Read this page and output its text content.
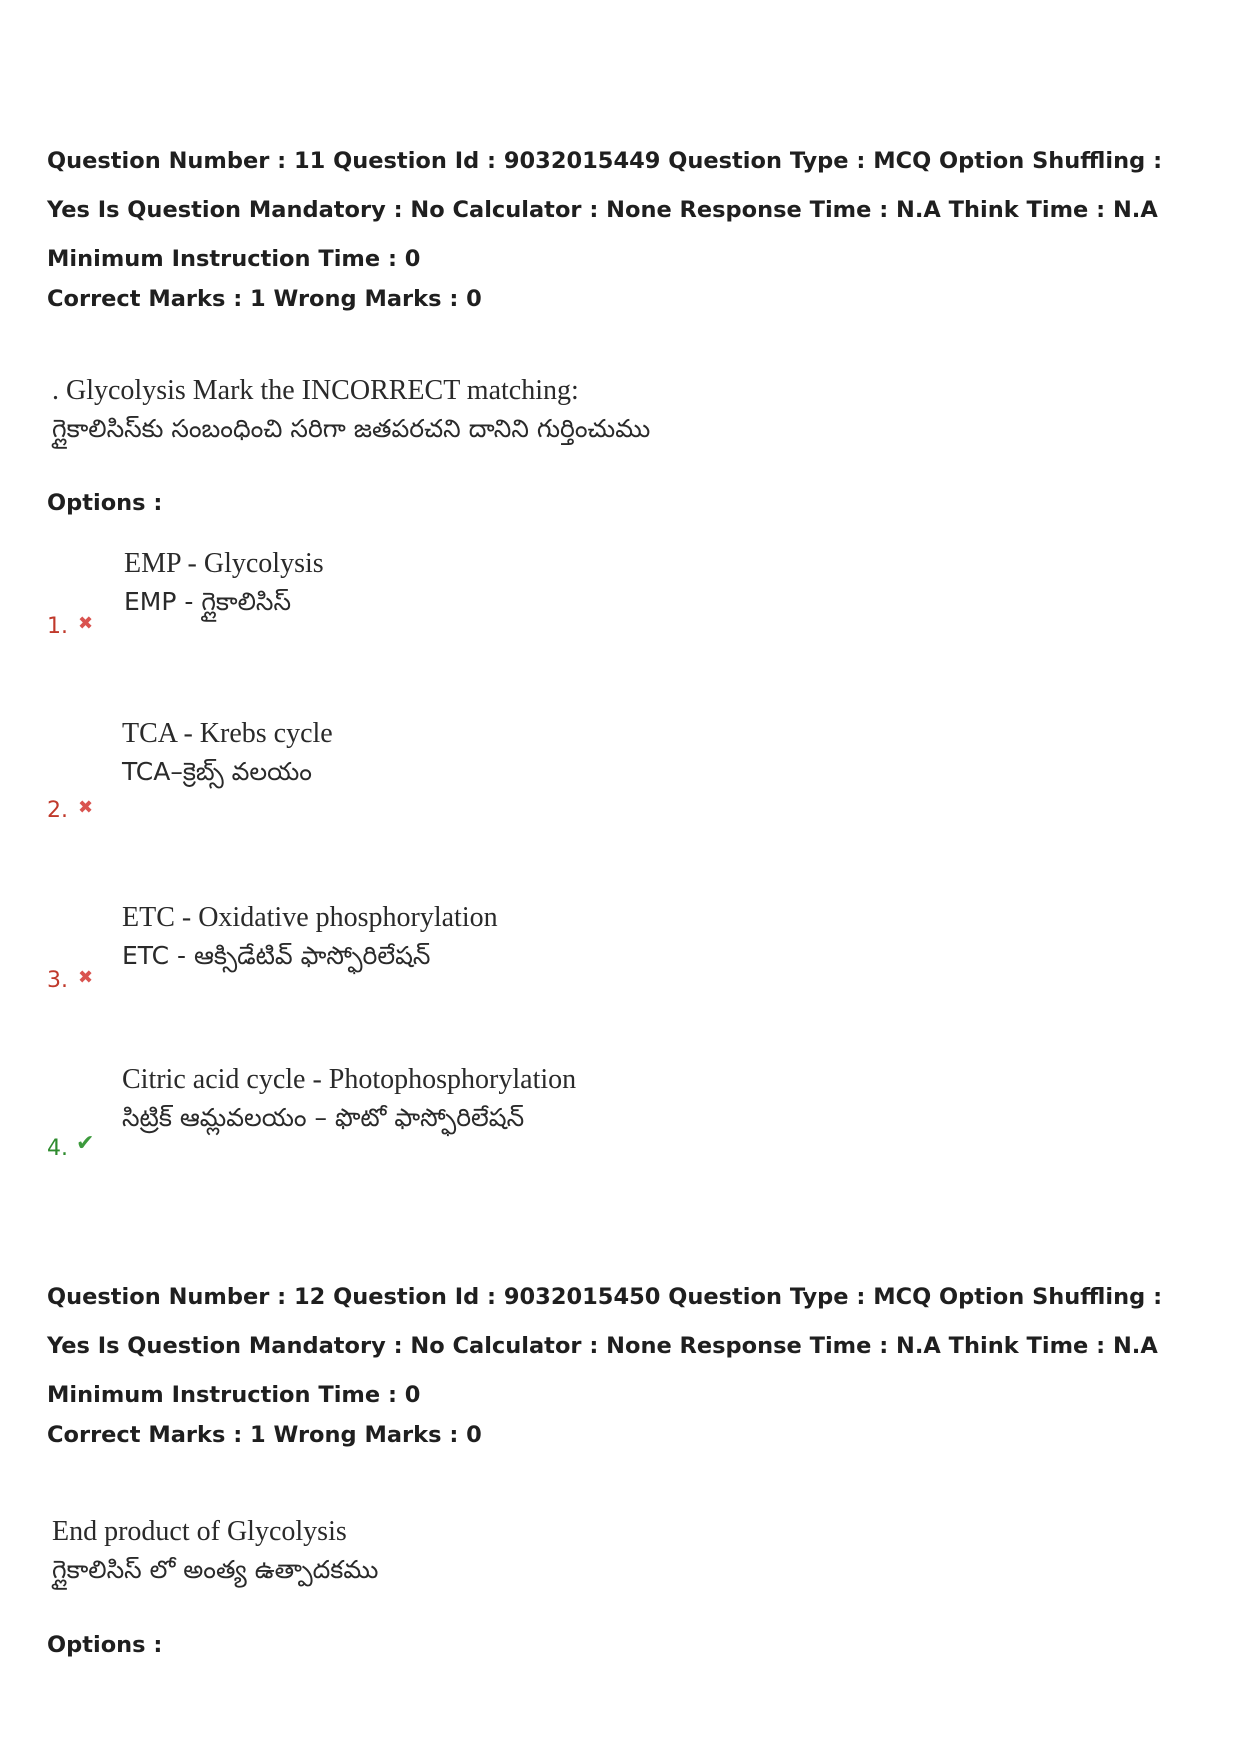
Question Number : 11 Question Id : 9032015449 Question Type : MCQ Option Shuffling : Yes Is Question Mandatory : No Calculator : None Response Time : N.A Think Time : N.A Minimum Instruction Time : 0
Correct Marks : 1 Wrong Marks : 0
. Glycolysis Mark the INCORRECT matching:
గ్లైకాలిసిస్‌కు సంబంధించి సరిగా జతపరచని దానిని గుర్తించుము
Options :
EMP - Glycolysis
EMP - గ్లైకాలిసిస్
1. ✖
TCA - Krebs cycle
TCA–క్రెబ్స్ వలయం
2. ✖
ETC - Oxidative phosphorylation
ETC - ఆక్సిడేటివ్ ఫాస్ఫోరిలేషన్
3. ✖
Citric acid cycle - Photophosphorylation
సిట్రిక్ ఆమ్లవలయం – ఫొటో ఫాస్ఫోరిలేషన్
4. ✔
Question Number : 12 Question Id : 9032015450 Question Type : MCQ Option Shuffling : Yes Is Question Mandatory : No Calculator : None Response Time : N.A Think Time : N.A Minimum Instruction Time : 0
Correct Marks : 1 Wrong Marks : 0
End product of Glycolysis
గ్లైకాలిసిస్ లో అంత్య ఉత్పాదకము
Options :
